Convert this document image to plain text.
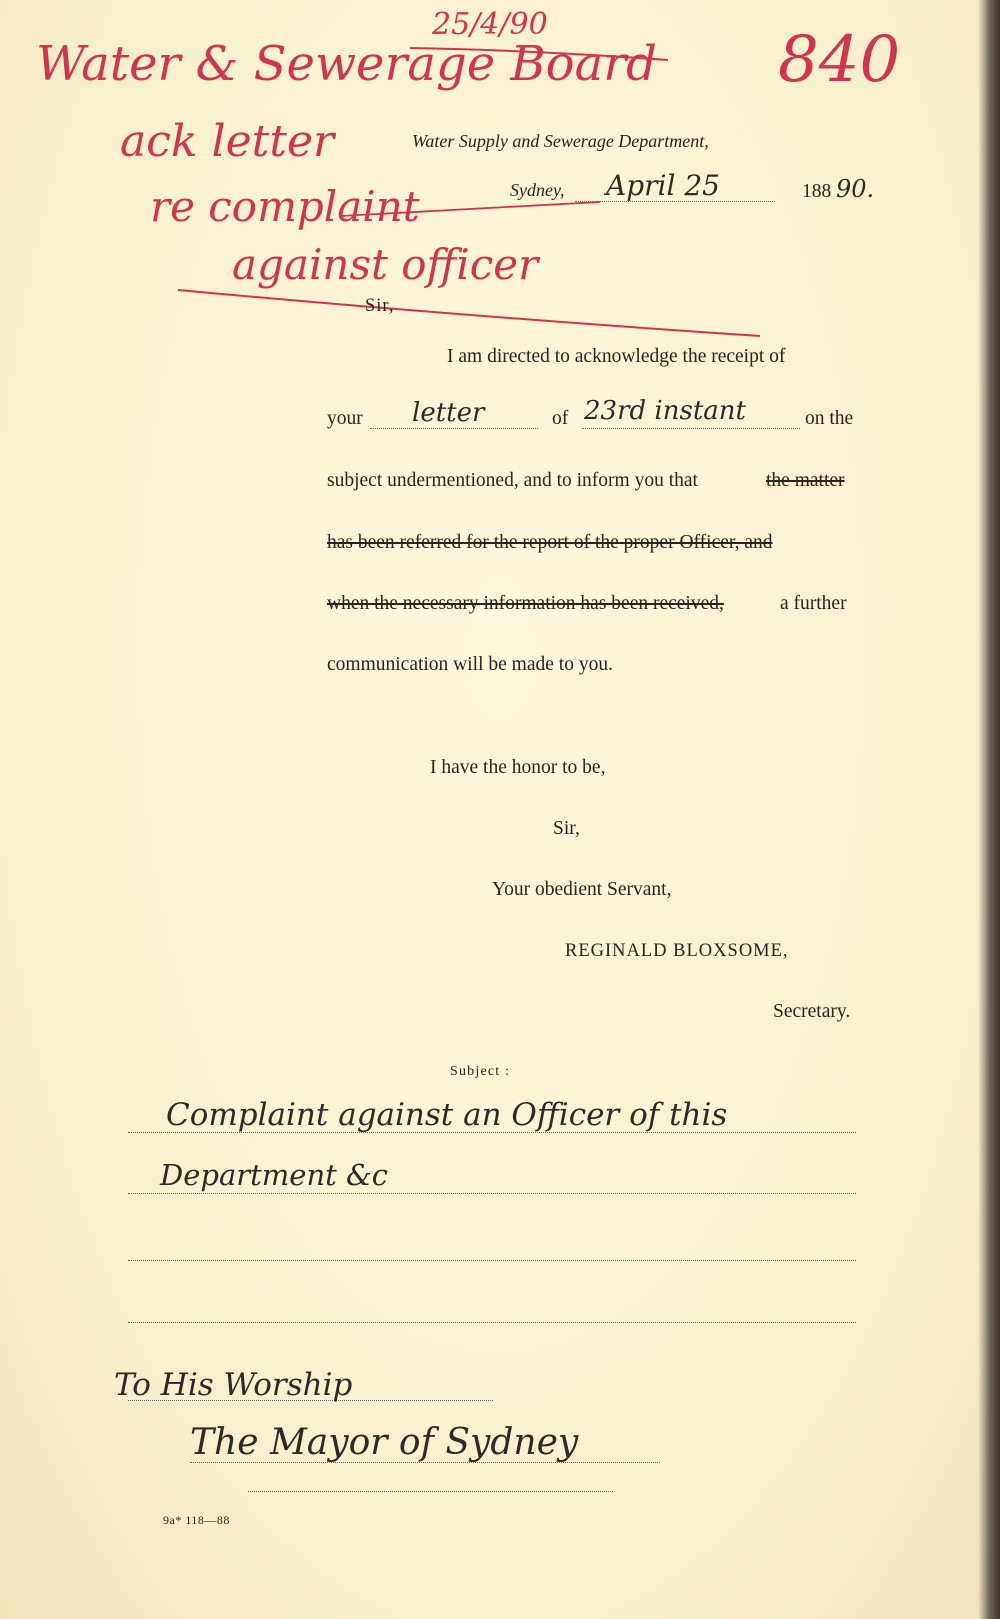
25/4/90
Water & Sewerage Board 840
ack letter
re complaint
against officer
Water Supply and Sewerage Department,
Sydney, April 25	188 90.
Sir,
I am directed to acknowledge the receipt of
your letter	of 23rd instant	on the
subject undermentioned, and to inform you that	the matter
has been referred for the report of the proper Officer, and
when the necessary information has been received,	a further
communication will be made to you.
I have the honor to be,
Sir,
Your obedient Servant,
REGINALD BLOXSOME,
Secretary.
Subject :
Complaint against an Officer of this
Department &c
To His Worship
The Mayor of Sydney
9a* 118—88
